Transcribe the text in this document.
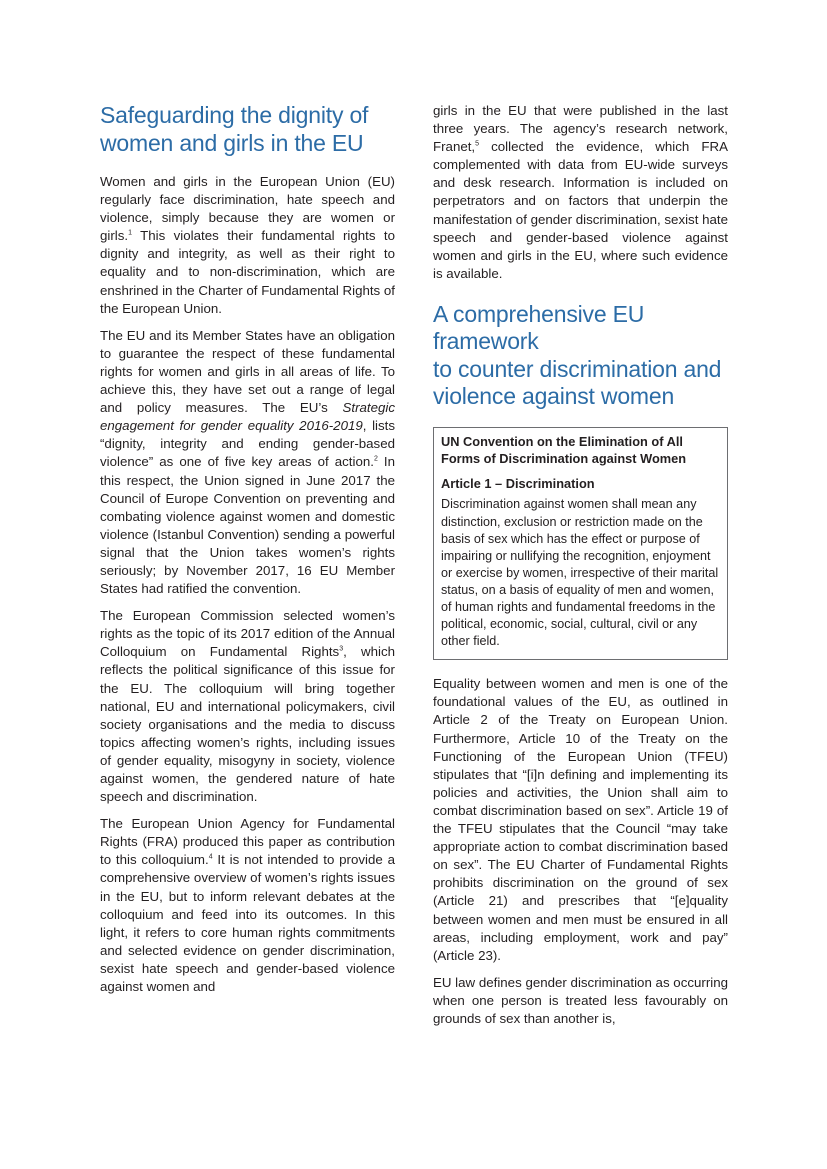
Safeguarding the dignity of
women and girls in the EU

Women and girls in the European Union (EU) regularly face discrimination, hate speech and violence, simply because they are women or girls.$^1$ This violates their fundamental rights to dignity and integrity, as well as their right to equality and to non-discrimination, which are enshrined in the Charter of Fundamental Rights of the European Union.

The EU and its Member States have an obligation to guarantee the respect of these fundamental rights for women and girls in all areas of life. To achieve this, they have set out a range of legal and policy measures. The EU’s Strategic engagement for gender equality 2016-2019, lists “dignity, integrity and ending gender-based violence” as one of five key areas of action.$^2$ In this respect, the Union signed in June 2017 the Council of Europe Convention on preventing and combating violence against women and domestic violence (Istanbul Convention) sending a powerful signal that the Union takes women’s rights seriously; by November 2017, 16 EU Member States had ratified the convention.

The European Commission selected women’s rights as the topic of its 2017 edition of the Annual Colloquium on Fundamental Rights$^3$, which reflects the political significance of this issue for the EU. The colloquium will bring together national, EU and international policymakers, civil society organisations and the media to discuss topics affecting women’s rights, including issues of gender equality, misogyny in society, violence against women, the gendered nature of hate speech and discrimination.

The European Union Agency for Fundamental Rights (FRA) produced this paper as contribution to this colloquium.$^4$ It is not intended to provide a comprehensive overview of women’s rights issues in the EU, but to inform relevant debates at the colloquium and feed into its outcomes. In this light, it refers to core human rights commitments and selected evidence on gender discrimination, sexist hate speech and gender-based violence against women and

girls in the EU that were published in the last three years. The agency’s research network, Franet,$^5$ collected the evidence, which FRA complemented with data from EU-wide surveys and desk research. Information is included on perpetrators and on factors that underpin the manifestation of gender discrimination, sexist hate speech and gender-based violence against women and girls in the EU, where such evidence is available.

A comprehensive EU framework
to counter discrimination and
violence against women
UN Convention on the Elimination of All Forms of Discrimination against Women
Article 1 – Discrimination
Discrimination against women shall mean any distinction, exclusion or restriction made on the basis of sex which has the effect or purpose of impairing or nullifying the recognition, enjoyment or exercise by women, irrespective of their marital status, on a basis of equality of men and women, of human rights and fundamental freedoms in the political, economic, social, cultural, civil or any other field.

Equality between women and men is one of the foundational values of the EU, as outlined in Article 2 of the Treaty on European Union. Furthermore, Article 10 of the Treaty on the Functioning of the European Union (TFEU) stipulates that “[i]n defining and implementing its policies and activities, the Union shall aim to combat discrimination based on sex”. Article 19 of the TFEU stipulates that the Council “may take appropriate action to combat discrimination based on sex”. The EU Charter of Fundamental Rights prohibits discrimination on the ground of sex (Article 21) and prescribes that “[e]quality between women and men must be ensured in all areas, including employment, work and pay” (Article 23).

EU law defines gender discrimination as occurring when one person is treated less favourably on grounds of sex than another is,
